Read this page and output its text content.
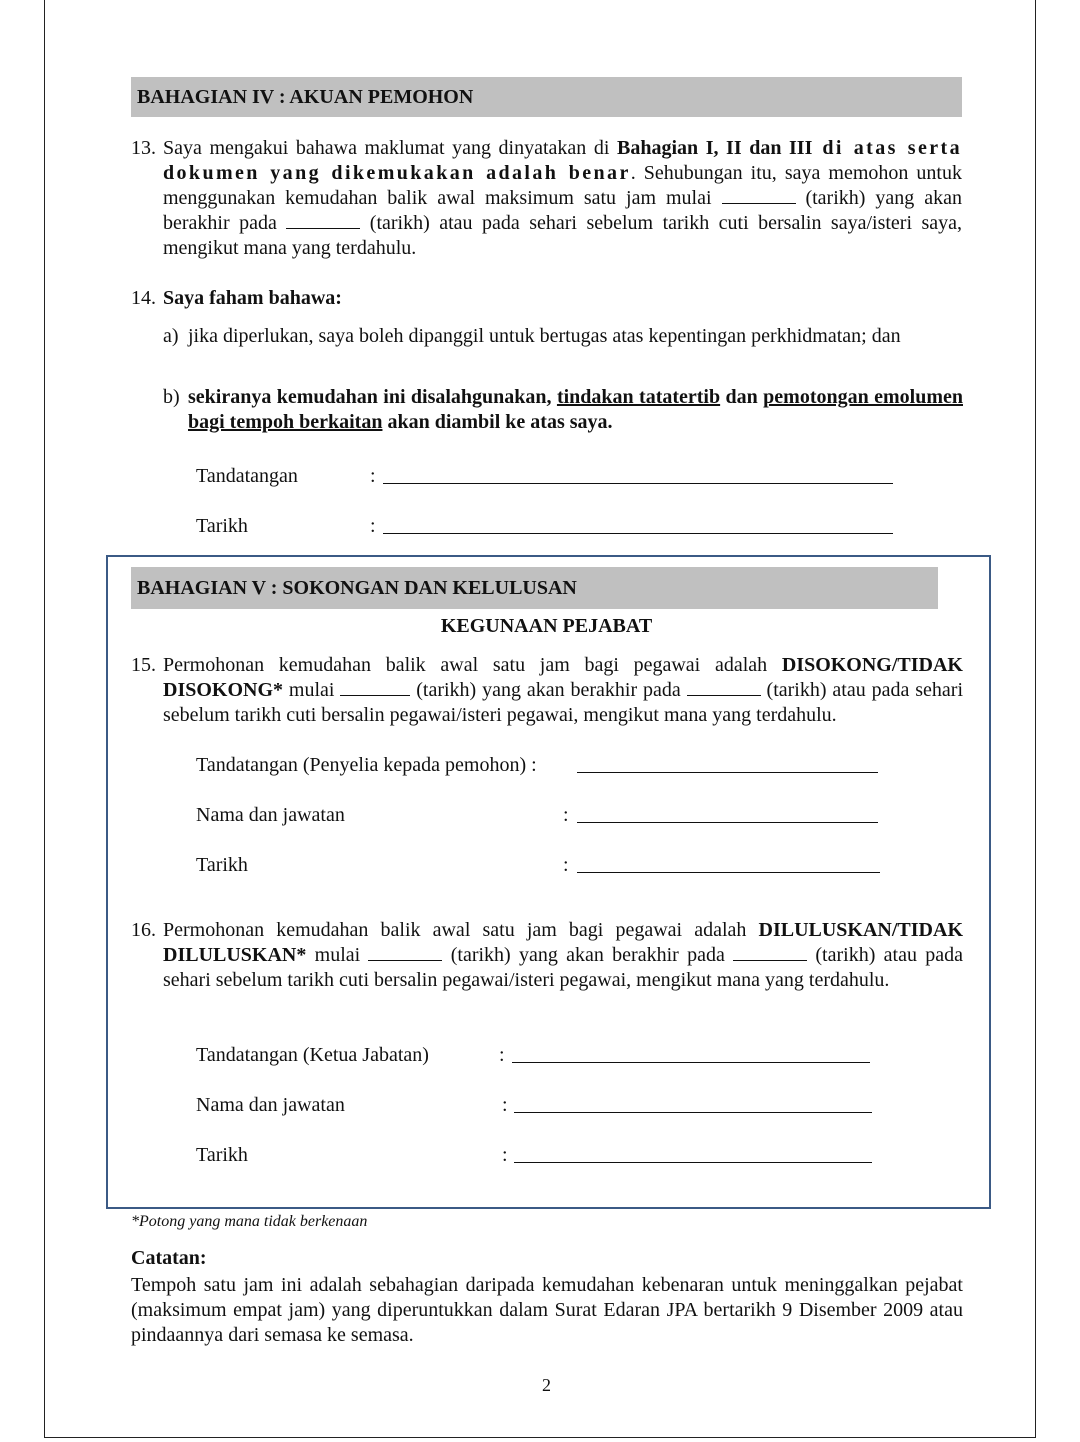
BAHAGIAN IV : AKUAN PEMOHON
13. Saya mengakui bahawa maklumat yang dinyatakan di Bahagian I, II dan III di atas serta dokumen yang dikemukakan adalah benar. Sehubungan itu, saya memohon untuk menggunakan kemudahan balik awal maksimum satu jam mulai	(tarikh) yang akan berakhir pada	(tarikh) atau pada sehari sebelum tarikh cuti bersalin saya/isteri saya, mengikut mana yang terdahulu.
14. Saya faham bahawa:
a) jika diperlukan, saya boleh dipanggil untuk bertugas atas kepentingan perkhidmatan; dan
b) sekiranya kemudahan ini disalahgunakan, tindakan tatatertib dan pemotongan emolumen bagi tempoh berkaitan akan diambil ke atas saya.
Tandatangan	:
Tarikh	:
BAHAGIAN V : SOKONGAN DAN KELULUSAN
KEGUNAAN PEJABAT
15. Permohonan kemudahan balik awal satu jam bagi pegawai adalah DISOKONG/TIDAK DISOKONG* mulai	(tarikh) yang akan berakhir pada	(tarikh) atau pada sehari sebelum tarikh cuti bersalin pegawai/isteri pegawai, mengikut mana yang terdahulu.
Tandatangan (Penyelia kepada pemohon) :
Nama dan jawatan	:
Tarikh	:
16. Permohonan kemudahan balik awal satu jam bagi pegawai adalah DILULUSKAN/TIDAK DILULUSKAN* mulai	(tarikh) yang akan berakhir pada	(tarikh) atau pada sehari sebelum tarikh cuti bersalin pegawai/isteri pegawai, mengikut mana yang terdahulu.
Tandatangan (Ketua Jabatan)	:
Nama dan jawatan	:
Tarikh	:
*Potong yang mana tidak berkenaan
Catatan:
Tempoh satu jam ini adalah sebahagian daripada kemudahan kebenaran untuk meninggalkan pejabat (maksimum empat jam) yang diperuntukkan dalam Surat Edaran JPA bertarikh 9 Disember 2009 atau pindaannya dari semasa ke semasa.
2
